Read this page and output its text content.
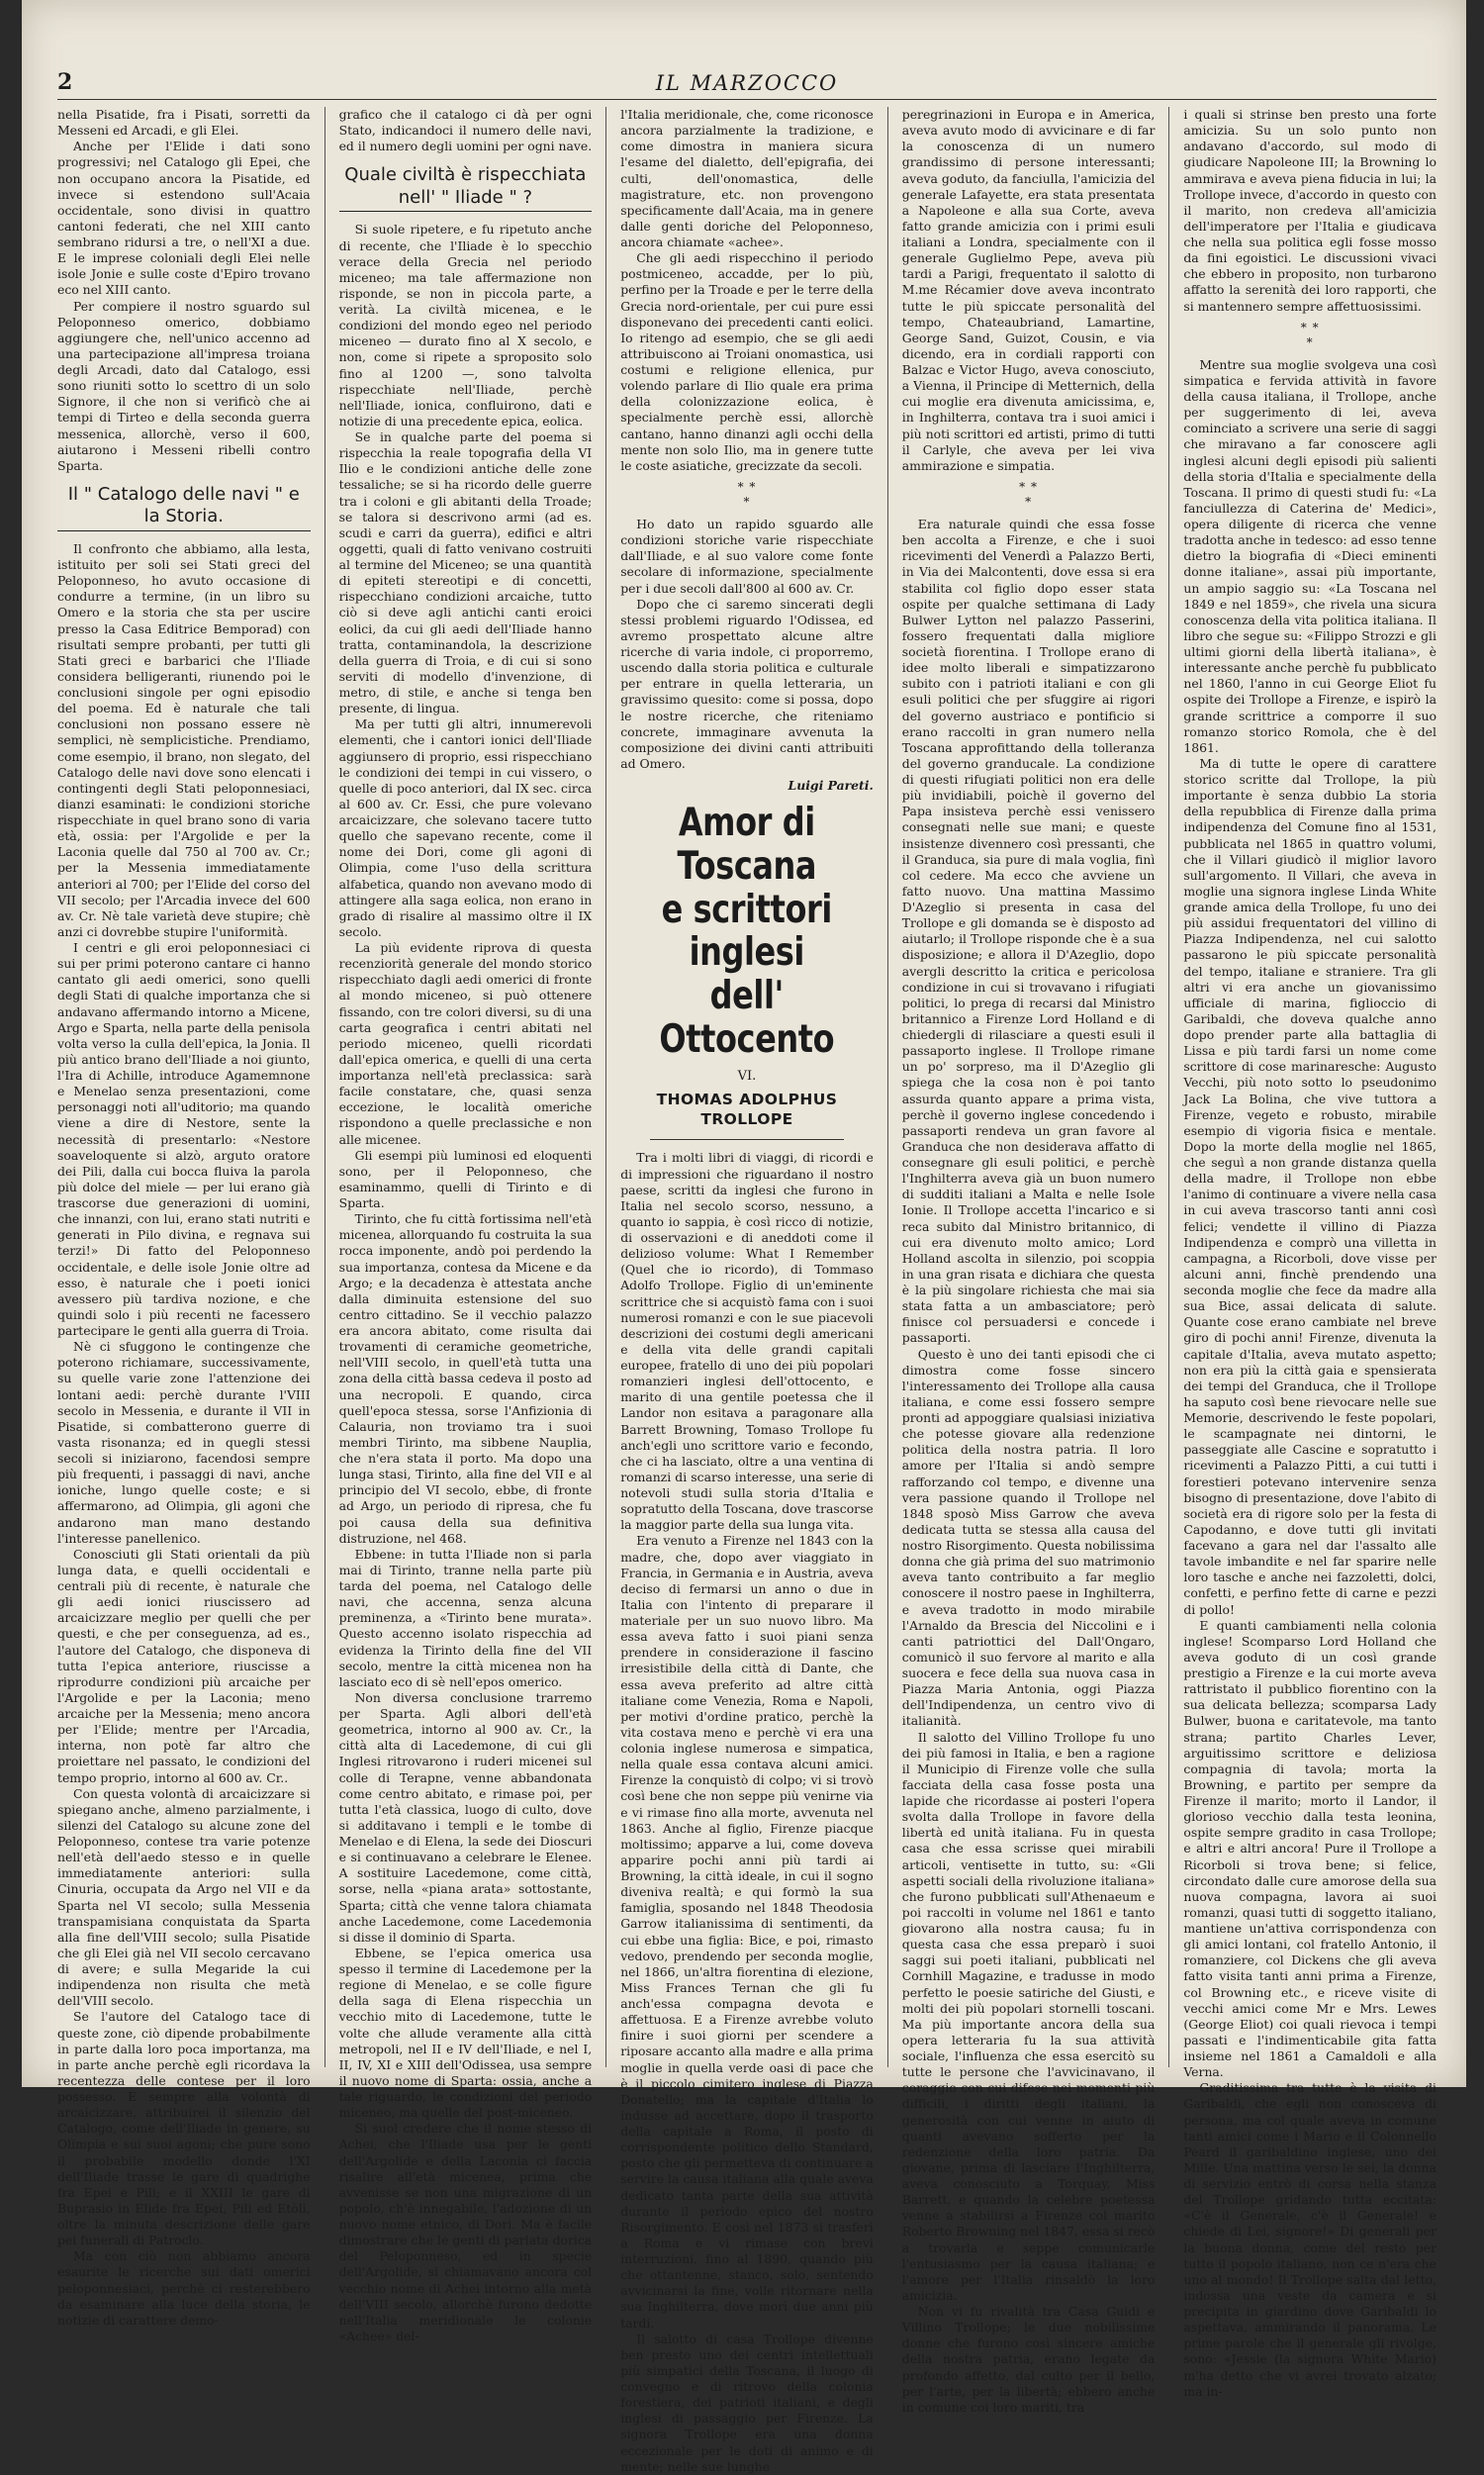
2	IL MARZOCCO

nella Pisatide, fra i Pisati, sorretti da Messeni ed Arcadi, e gli Elei.

Anche per l'Elide i dati sono progressivi; nel Catalogo gli Epei, che non occupano ancora la Pisatide, ed invece si estendono sull'Acaia occidentale, sono divisi in quattro cantoni federati, che nel XIII canto sembrano ridursi a tre, o nell'XI a due. E le imprese coloniali degli Elei nelle isole Jonie e sulle coste d'Epiro trovano eco nel XIII canto.

Per compiere il nostro sguardo sul Peloponneso omerico, dobbiamo aggiungere che, nell'unico accenno ad una partecipazione all'impresa troiana degli Arcadi, dato dal Catalogo, essi sono riuniti sotto lo scettro di un solo Signore, il che non si verificò che ai tempi di Tirteo e della seconda guerra messenica, allorchè, verso il 600, aiutarono i Messeni ribelli contro Sparta.

Il " Catalogo delle navi " e la Storia.

Il confronto che abbiamo, alla lesta, istituito per soli sei Stati greci del Peloponneso, ho avuto occasione di condurre a termine, (in un libro su Omero e la storia che sta per uscire presso la Casa Editrice Bemporad) con risultati sempre probanti, per tutti gli Stati greci e barbarici che l'Iliade considera belligeranti, riunendo poi le conclusioni singole per ogni episodio del poema. Ed è naturale che tali conclusioni non possano essere nè semplici, nè semplicistiche. Prendiamo, come esempio, il brano, non slegato, del Catalogo delle navi dove sono elencati i contingenti degli Stati peloponnesiaci, dianzi esaminati: le condizioni storiche rispecchiate in quel brano sono di varia età, ossia: per l'Argolide e per la Laconia quelle dal 750 al 700 av. Cr.; per la Messenia immediatamente anteriori al 700; per l'Elide del corso del VII secolo; per l'Arcadia invece del 600 av. Cr. Nè tale varietà deve stupire; chè anzi ci dovrebbe stupire l'uniformità.

I centri e gli eroi peloponnesiaci ci sui per primi poterono cantare ci hanno cantato gli aedi omerici, sono quelli degli Stati di qualche importanza che si andavano affermando intorno a Micene, Argo e Sparta, nella parte della penisola volta verso la culla dell'epica, la Jonia. Il più antico brano dell'Iliade a noi giunto, l'Ira di Achille, introduce Agamemnone e Menelao senza presentazioni, come personaggi noti all'uditorio; ma quando viene a dire di Nestore, sente la necessità di presentarlo: «Nestore soaveloquente si alzò, arguto oratore dei Pili, dalla cui bocca fluiva la parola più dolce del miele — per lui erano già trascorse due generazioni di uomini, che innanzi, con lui, erano stati nutriti e generati in Pilo divina, e regnava sui terzi!» Di fatto del Peloponneso occidentale, e delle isole Jonie oltre ad esso, è naturale che i poeti ionici avessero più tardiva nozione, e che quindi solo i più recenti ne facessero partecipare le genti alla guerra di Troia.

Nè ci sfuggono le contingenze che poterono richiamare, successivamente, su quelle varie zone l'attenzione dei lontani aedi: perchè durante l'VIII secolo in Messenia, e durante il VII in Pisatide, si combatterono guerre di vasta risonanza; ed in quegli stessi secoli si iniziarono, facendosi sempre più frequenti, i passaggi di navi, anche ioniche, lungo quelle coste; e si affermarono, ad Olimpia, gli agoni che andarono man mano destando l'interesse panellenico.

Conosciuti gli Stati orientali da più lunga data, e quelli occidentali e centrali più di recente, è naturale che gli aedi ionici riuscissero ad arcaicizzare meglio per quelli che per questi, e che per conseguenza, ad es., l'autore del Catalogo, che disponeva di tutta l'epica anteriore, riuscisse a riprodurre condizioni più arcaiche per l'Argolide e per la Laconia; meno arcaiche per la Messenia; meno ancora per l'Elide; mentre per l'Arcadia, interna, non potè far altro che proiettare nel passato, le condizioni del tempo proprio, intorno al 600 av. Cr..

Con questa volontà di arcaicizzare si spiegano anche, almeno parzialmente, i silenzi del Catalogo su alcune zone del Peloponneso, contese tra varie potenze nell'età dell'aedo stesso e in quelle immediatamente anteriori: sulla Cinuria, occupata da Argo nel VII e da Sparta nel VI secolo; sulla Messenia transpamisiana conquistata da Sparta alla fine dell'VIII secolo; sulla Pisatide che gli Elei già nel VII secolo cercavano di avere; e sulla Megaride la cui indipendenza non risulta che metà dell'VIII secolo.

Se l'autore del Catalogo tace di queste zone, ciò dipende probabilmente in parte dalla loro poca importanza, ma in parte anche perchè egli ricordava la recentezza delle contese per il loro possesso. E sempre alla volontà di arcaicizzare, attribuirei il silenzio del Catalogo, come dell'Iliade in genere, su Olimpia e sui suoi agoni; che pure sono il probabile modello donde l'XI dell'Iliade trasse le gare di quadrighe fra Epei e Pili; e il XXIII le gare di Buprasio in Elide fra Epei, Pili ed Etòli, oltre la minuta descrizione delle gare pei funerali di Patroclo.

Ma con ciò non abbiamo ancora esaurite le ricerche sui dati omerici peloponnesiaci, perchè ci resterebbero da esaminare alla luce della storia, le notizie di carattere demo-

grafico che il catalogo ci dà per ogni Stato, indicandoci il numero delle navi, ed il numero degli uomini per ogni nave.

Quale civiltà è rispecchiata nell' " Iliade " ?

Si suole ripetere, e fu ripetuto anche di recente, che l'Iliade è lo specchio verace della Grecia nel periodo miceneo; ma tale affermazione non risponde, se non in piccola parte, a verità. La civiltà micenea, e le condizioni del mondo egeo nel periodo miceneo — durato fino al X secolo, e non, come si ripete a sproposito solo fino al 1200 —, sono talvolta rispecchiate nell'Iliade, perchè nell'Iliade, ionica, confluirono, dati e notizie di una precedente epica, eolica.

Se in qualche parte del poema si rispecchia la reale topografia della VI Ilio e le condizioni antiche delle zone tessaliche; se si ha ricordo delle guerre tra i coloni e gli abitanti della Troade; se talora si descrivono armi (ad es. scudi e carri da guerra), edifici e altri oggetti, quali di fatto venivano costruiti al termine del Miceneo; se una quantità di epiteti stereotipi e di concetti, rispecchiano condizioni arcaiche, tutto ciò si deve agli antichi canti eroici eolici, da cui gli aedi dell'Iliade hanno tratta, contaminandola, la descrizione della guerra di Troia, e di cui si sono serviti di modello d'invenzione, di metro, di stile, e anche si tenga ben presente, di lingua.

Ma per tutti gli altri, innumerevoli elementi, che i cantori ionici dell'Iliade aggiunsero di proprio, essi rispecchiano le condizioni dei tempi in cui vissero, o quelle di poco anteriori, dal IX sec. circa al 600 av. Cr. Essi, che pure volevano arcaicizzare, che solevano tacere tutto quello che sapevano recente, come il nome dei Dori, come gli agoni di Olimpia, come l'uso della scrittura alfabetica, quando non avevano modo di attingere alla saga eolica, non erano in grado di risalire al massimo oltre il IX secolo.

La più evidente riprova di questa recenziorità generale del mondo storico rispecchiato dagli aedi omerici di fronte al mondo miceneo, si può ottenere fissando, con tre colori diversi, su di una carta geografica i centri abitati nel periodo miceneo, quelli ricordati dall'epica omerica, e quelli di una certa importanza nell'età preclassica: sarà facile constatare, che, quasi senza eccezione, le località omeriche rispondono a quelle preclassiche e non alle micenee.

Gli esempi più luminosi ed eloquenti sono, per il Peloponneso, che esaminammo, quelli di Tirinto e di Sparta.

Tirinto, che fu città fortissima nell'età micenea, allorquando fu costruita la sua rocca imponente, andò poi perdendo la sua importanza, contesa da Micene e da Argo; e la decadenza è attestata anche dalla diminuita estensione del suo centro cittadino. Se il vecchio palazzo era ancora abitato, come risulta dai trovamenti di ceramiche geometriche, nell'VIII secolo, in quell'età tutta una zona della città bassa cedeva il posto ad una necropoli. E quando, circa quell'epoca stessa, sorse l'Anfizionia di Calauria, non troviamo tra i suoi membri Tirinto, ma sibbene Nauplia, che n'era stata il porto. Ma dopo una lunga stasi, Tirinto, alla fine del VII e al principio del VI secolo, ebbe, di fronte ad Argo, un periodo di ripresa, che fu poi causa della sua definitiva distruzione, nel 468.

Ebbene: in tutta l'Iliade non si parla mai di Tirinto, tranne nella parte più tarda del poema, nel Catalogo delle navi, che accenna, senza alcuna preminenza, a «Tirinto bene murata». Questo accenno isolato rispecchia ad evidenza la Tirinto della fine del VII secolo, mentre la città micenea non ha lasciato eco di sè nell'epos omerico.

Non diversa conclusione trarremo per Sparta. Agli albori dell'età geometrica, intorno al 900 av. Cr., la città alta di Lacedemone, di cui gli Inglesi ritrovarono i ruderi micenei sul colle di Terapne, venne abbandonata come centro abitato, e rimase poi, per tutta l'età classica, luogo di culto, dove si additavano i templi e le tombe di Menelao e di Elena, la sede dei Dioscuri e si continuavano a celebrare le Elenee. A sostituire Lacedemone, come città, sorse, nella «piana arata» sottostante, Sparta; città che venne talora chiamata anche Lacedemone, come Lacedemonia si disse il dominio di Sparta.

Ebbene, se l'epica omerica usa spesso il termine di Lacedemone per la regione di Menelao, e se colle figure della saga di Elena rispecchia un vecchio mito di Lacedemone, tutte le volte che allude veramente alla città metropoli, nel II e IV dell'Iliade, e nel I, II, IV, XI e XIII dell'Odissea, usa sempre il nuovo nome di Sparta: ossia, anche a tale riguardo, le condizioni del periodo miceneo, ma quelle del post-miceneo.

Si suol credere che il nome stesso di Achei, che l'Iliade usa per le genti dell'Argolide e della Laconia ci faccia risalire all'età micenea, prima che avvenisse se non una migrazione di un popolo, ch'è innegabile, l'adozione di un nuovo nome etnico, di Dori. Ma è facile dimostrare che le genti di parlata dorica del Peloponneso, ed in specie dell'Argolide, si chiamavano ancora col vecchio nome di Achei intorno alla metà dell'VIII secolo, allorchè furono dedotte nell'Italia meridionale le colonie «Achee» del-

l'Italia meridionale, che, come riconosce ancora parzialmente la tradizione, e come dimostra in maniera sicura l'esame del dialetto, dell'epigrafia, dei culti, dell'onomastica, delle magistrature, etc. non provengono specificamente dall'Acaia, ma in genere dalle genti doriche del Peloponneso, ancora chiamate «achee».

Che gli aedi rispecchino il periodo postmiceneo, accadde, per lo più, perfino per la Troade e per le terre della Grecia nord-orientale, per cui pure essi disponevano dei precedenti canti eolici. Io ritengo ad esempio, che se gli aedi attribuiscono ai Troiani onomastica, usi costumi e religione ellenica, pur volendo parlare di Ilio quale era prima della colonizzazione eolica, è specialmente perchè essi, allorchè cantano, hanno dinanzi agli occhi della mente non solo Ilio, ma in genere tutte le coste asiatiche, grecizzate da secoli.

* *
*

Ho dato un rapido sguardo alle condizioni storiche varie rispecchiate dall'Iliade, e al suo valore come fonte secolare di informazione, specialmente per i due secoli dall'800 al 600 av. Cr.

Dopo che ci saremo sincerati degli stessi problemi riguardo l'Odissea, ed avremo prospettato alcune altre ricerche di varia indole, ci proporremo, uscendo dalla storia politica e culturale per entrare in quella letteraria, un gravissimo quesito: come si possa, dopo le nostre ricerche, che riteniamo concrete, immaginare avvenuta la composizione dei divini canti attribuiti ad Omero.

Luigi Pareti.
Amor di Toscana
e scrittori inglesi
dell' Ottocento
VI.
THOMAS ADOLPHUS TROLLOPE

Tra i molti libri di viaggi, di ricordi e di impressioni che riguardano il nostro paese, scritti da inglesi che furono in Italia nel secolo scorso, nessuno, a quanto io sappia, è così ricco di notizie, di osservazioni e di aneddoti come il delizioso volume: What I Remember (Quel che io ricordo), di Tommaso Adolfo Trollope. Figlio di un'eminente scrittrice che si acquistò fama con i suoi numerosi romanzi e con le sue piacevoli descrizioni dei costumi degli americani e della vita delle grandi capitali europee, fratello di uno dei più popolari romanzieri inglesi dell'ottocento, e marito di una gentile poetessa che il Landor non esitava a paragonare alla Barrett Browning, Tomaso Trollope fu anch'egli uno scrittore vario e fecondo, che ci ha lasciato, oltre a una ventina di romanzi di scarso interesse, una serie di notevoli studi sulla storia d'Italia e sopratutto della Toscana, dove trascorse la maggior parte della sua lunga vita.

Era venuto a Firenze nel 1843 con la madre, che, dopo aver viaggiato in Francia, in Germania e in Austria, aveva deciso di fermarsi un anno o due in Italia con l'intento di preparare il materiale per un suo nuovo libro. Ma essa aveva fatto i suoi piani senza prendere in considerazione il fascino irresistibile della città di Dante, che essa aveva preferito ad altre città italiane come Venezia, Roma e Napoli, per motivi d'ordine pratico, perchè la vita costava meno e perchè vi era una colonia inglese numerosa e simpatica, nella quale essa contava alcuni amici. Firenze la conquistò di colpo; vi si trovò così bene che non seppe più venirne via e vi rimase fino alla morte, avvenuta nel 1863. Anche al figlio, Firenze piacque moltissimo; apparve a lui, come doveva apparire pochi anni più tardi ai Browning, la città ideale, in cui il sogno diveniva realtà; e qui formò la sua famiglia, sposando nel 1848 Theodosia Garrow italianissima di sentimenti, da cui ebbe una figlia: Bice, e poi, rimasto vedovo, prendendo per seconda moglie, nel 1866, un'altra fiorentina di elezione, Miss Frances Ternan che gli fu anch'essa compagna devota e affettuosa. E a Firenze avrebbe voluto finire i suoi giorni per scendere a riposare accanto alla madre e alla prima moglie in quella verde oasi di pace che è il piccolo cimitero inglese di Piazza Donatello; ma la capitale d'Italia lo indusse ad accettare, dopo il trasporto della capitale a Roma, il posto di corrispondente politico dello Standard, posto che gli permetteva di continuare a servire la causa italiana alla quale aveva dedicato tanta parte della sua attività durante il periodo epico del nostro Risorgimento. E così nel 1873 si trasferì a Roma e vi rimase con brevi interruzioni, fino al 1890, quando più che ottantenne, stanco, solo, sentendo avvicinarsi la fine, volle ritornare nella sua Inghilterra, dove morì due anni più tardi.

Il salotto di casa Trollope divenne ben presto uno dei centri intellettuali più simpatici della Toscana, il luogo di convegno e di ritrovo della colonia forestiera, dei patrioti italiani, e degli inglesi di passaggio per Firenze. La signora Trollope era una donna eccezionale per le doti di animo e di mente; nelle sue lunghe

peregrinazioni in Europa e in America, aveva avuto modo di avvicinare e di far la conoscenza di un numero grandissimo di persone interessanti; aveva goduto, da fanciulla, l'amicizia del generale Lafayette, era stata presentata a Napoleone e alla sua Corte, aveva fatto grande amicizia con i primi esuli italiani a Londra, specialmente con il generale Guglielmo Pepe, aveva più tardi a Parigi, frequentato il salotto di M.me Récamier dove aveva incontrato tutte le più spiccate personalità del tempo, Chateaubriand, Lamartine, George Sand, Guizot, Cousin, e via dicendo, era in cordiali rapporti con Balzac e Victor Hugo, aveva conosciuto, a Vienna, il Principe di Metternich, della cui moglie era divenuta amicissima, e, in Inghilterra, contava tra i suoi amici i più noti scrittori ed artisti, primo di tutti il Carlyle, che aveva per lei viva ammirazione e simpatia.

* *
*

Era naturale quindi che essa fosse ben accolta a Firenze, e che i suoi ricevimenti del Venerdì a Palazzo Berti, in Via dei Malcontenti, dove essa si era stabilita col figlio dopo esser stata ospite per qualche settimana di Lady Bulwer Lytton nel palazzo Passerini, fossero frequentati dalla migliore società fiorentina. I Trollope erano di idee molto liberali e simpatizzarono subito con i patrioti italiani e con gli esuli politici che per sfuggire ai rigori del governo austriaco e pontificio si erano raccolti in gran numero nella Toscana approfittando della tolleranza del governo granducale. La condizione di questi rifugiati politici non era delle più invidiabili, poichè il governo del Papa insisteva perchè essi venissero consegnati nelle sue mani; e queste insistenze divennero così pressanti, che il Granduca, sia pure di mala voglia, finì col cedere. Ma ecco che avviene un fatto nuovo. Una mattina Massimo D'Azeglio si presenta in casa del Trollope e gli domanda se è disposto ad aiutarlo; il Trollope risponde che è a sua disposizione; e allora il D'Azeglio, dopo avergli descritto la critica e pericolosa condizione in cui si trovavano i rifugiati politici, lo prega di recarsi dal Ministro britannico a Firenze Lord Holland e di chiedergli di rilasciare a questi esuli il passaporto inglese. Il Trollope rimane un po' sorpreso, ma il D'Azeglio gli spiega che la cosa non è poi tanto assurda quanto appare a prima vista, perchè il governo inglese concedendo i passaporti rendeva un gran favore al Granduca che non desiderava affatto di consegnare gli esuli politici, e perchè l'Inghilterra aveva già un buon numero di sudditi italiani a Malta e nelle Isole Ionie. Il Trollope accetta l'incarico e si reca subito dal Ministro britannico, di cui era divenuto molto amico; Lord Holland ascolta in silenzio, poi scoppia in una gran risata e dichiara che questa è la più singolare richiesta che mai sia stata fatta a un ambasciatore; però finisce col persuadersi e concede i passaporti.

Questo è uno dei tanti episodi che ci dimostra come fosse sincero l'interessamento dei Trollope alla causa italiana, e come essi fossero sempre pronti ad appoggiare qualsiasi iniziativa che potesse giovare alla redenzione politica della nostra patria. Il loro amore per l'Italia si andò sempre rafforzando col tempo, e divenne una vera passione quando il Trollope nel 1848 sposò Miss Garrow che aveva dedicata tutta se stessa alla causa del nostro Risorgimento. Questa nobilissima donna che già prima del suo matrimonio aveva tanto contribuito a far meglio conoscere il nostro paese in Inghilterra, e aveva tradotto in modo mirabile l'Arnaldo da Brescia del Niccolini e i canti patriottici del Dall'Ongaro, comunicò il suo fervore al marito e alla suocera e fece della sua nuova casa in Piazza Maria Antonia, oggi Piazza dell'Indipendenza, un centro vivo di italianità.

Il salotto del Villino Trollope fu uno dei più famosi in Italia, e ben a ragione il Municipio di Firenze volle che sulla facciata della casa fosse posta una lapide che ricordasse ai posteri l'opera svolta dalla Trollope in favore della libertà ed unità italiana. Fu in questa casa che essa scrisse quei mirabili articoli, ventisette in tutto, su: «Gli aspetti sociali della rivoluzione italiana» che furono pubblicati sull'Athenaeum e poi raccolti in volume nel 1861 e tanto giovarono alla nostra causa; fu in questa casa che essa preparò i suoi saggi sui poeti italiani, pubblicati nel Cornhill Magazine, e tradusse in modo perfetto le poesie satiriche del Giusti, e molti dei più popolari stornelli toscani. Ma più importante ancora della sua opera letteraria fu la sua attività sociale, l'influenza che essa esercitò su tutte le persone che l'avvicinavano, il coraggio con cui difese nei momenti più difficili, i diritti degli italiani, la generosità con cui venne in aiuto di quanti avevano sofferto per la redenzione della loro patria. Da giovane, prima di lasciare l'Inghilterra, aveva conosciuto a Torquay, Miss Barrett, e quando la celebre poetessa venne a stabilirsi a Firenze col marito Roberto Browning nel 1847, essa si recò a trovarla e seppe comunicarle l'entusiasmo per la causa italiana; e l'amore per l'Italia rinsaldò la loro amicizia.

Non vi fu rivalità tra Casa Guidi e Villino Trollope; le due nobilissime donne che furono così sincere amiche della nostra patria, erano legate da profondo affetto, dal culto per il bello, per l'arte, per la libertà; ebbero anche in comune coi loro mariti, tra

i quali si strinse ben presto una forte amicizia. Su un solo punto non andavano d'accordo, sul modo di giudicare Napoleone III; la Browning lo ammirava e aveva piena fiducia in lui; la Trollope invece, d'accordo in questo con il marito, non credeva all'amicizia dell'imperatore per l'Italia e giudicava che nella sua politica egli fosse mosso da fini egoistici. Le discussioni vivaci che ebbero in proposito, non turbarono affatto la serenità dei loro rapporti, che si mantennero sempre affettuosissimi.

* *
*

Mentre sua moglie svolgeva una così simpatica e fervida attività in favore della causa italiana, il Trollope, anche per suggerimento di lei, aveva cominciato a scrivere una serie di saggi che miravano a far conoscere agli inglesi alcuni degli episodi più salienti della storia d'Italia e specialmente della Toscana. Il primo di questi studi fu: «La fanciullezza di Caterina de' Medici», opera diligente di ricerca che venne tradotta anche in tedesco: ad esso tenne dietro la biografia di «Dieci eminenti donne italiane», assai più importante, un ampio saggio su: «La Toscana nel 1849 e nel 1859», che rivela una sicura conoscenza della vita politica italiana. Il libro che segue su: «Filippo Strozzi e gli ultimi giorni della libertà italiana», è interessante anche perchè fu pubblicato nel 1860, l'anno in cui George Eliot fu ospite dei Trollope a Firenze, e ispirò la grande scrittrice a comporre il suo romanzo storico Romola, che è del 1861.

Ma di tutte le opere di carattere storico scritte dal Trollope, la più importante è senza dubbio La storia della repubblica di Firenze dalla prima indipendenza del Comune fino al 1531, pubblicata nel 1865 in quattro volumi, che il Villari giudicò il miglior lavoro sull'argomento. Il Villari, che aveva in moglie una signora inglese Linda White grande amica della Trollope, fu uno dei più assidui frequentatori del villino di Piazza Indipendenza, nel cui salotto passarono le più spiccate personalità del tempo, italiane e straniere. Tra gli altri vi era anche un giovanissimo ufficiale di marina, figlioccio di Garibaldi, che doveva qualche anno dopo prender parte alla battaglia di Lissa e più tardi farsi un nome come scrittore di cose marinaresche: Augusto Vecchi, più noto sotto lo pseudonimo Jack La Bolina, che vive tuttora a Firenze, vegeto e robusto, mirabile esempio di vigoria fisica e mentale. Dopo la morte della moglie nel 1865, che seguì a non grande distanza quella della madre, il Trollope non ebbe l'animo di continuare a vivere nella casa in cui aveva trascorso tanti anni così felici; vendette il villino di Piazza Indipendenza e comprò una villetta in campagna, a Ricorboli, dove visse per alcuni anni, finchè prendendo una seconda moglie che fece da madre alla sua Bice, assai delicata di salute. Quante cose erano cambiate nel breve giro di pochi anni! Firenze, divenuta la capitale d'Italia, aveva mutato aspetto; non era più la città gaia e spensierata dei tempi del Granduca, che il Trollope ha saputo così bene rievocare nelle sue Memorie, descrivendo le feste popolari, le scampagnate nei dintorni, le passeggiate alle Cascine e sopratutto i ricevimenti a Palazzo Pitti, a cui tutti i forestieri potevano intervenire senza bisogno di presentazione, dove l'abito di società era di rigore solo per la festa di Capodanno, e dove tutti gli invitati facevano a gara nel dar l'assalto alle tavole imbandite e nel far sparire nelle loro tasche e anche nei fazzoletti, dolci, confetti, e perfino fette di carne e pezzi di pollo!

E quanti cambiamenti nella colonia inglese! Scomparso Lord Holland che aveva goduto di un così grande prestigio a Firenze e la cui morte aveva rattristato il pubblico fiorentino con la sua delicata bellezza; scomparsa Lady Bulwer, buona e caritatevole, ma tanto strana; partito Charles Lever, arguitissimo scrittore e deliziosa compagnia di tavola; morta la Browning, e partito per sempre da Firenze il marito; morto il Landor, il glorioso vecchio dalla testa leonina, ospite sempre gradito in casa Trollope; e altri e altri ancora! Pure il Trollope a Ricorboli si trova bene; si felice, circondato dalle cure amorose della sua nuova compagna, lavora ai suoi romanzi, quasi tutti di soggetto italiano, mantiene un'attiva corrispondenza con gli amici lontani, col fratello Antonio, il romanziere, col Dickens che gli aveva fatto visita tanti anni prima a Firenze, col Browning etc., e riceve visite di vecchi amici come Mr e Mrs. Lewes (George Eliot) coi quali rievoca i tempi passati e l'indimenticabile gita fatta insieme nel 1861 a Camaldoli e alla Verna.

Graditissima tra tutte è la visita di Garibaldi, che egli non conosceva di persona, ma col quale aveva in comune tanti amici come i Mario e il Colonnello Peard il garibaldino inglese, uno dei Mille. Una mattina verso le sei, la donna di servizio entrò di corsa nella stanza del Trollope gridando tutta eccitata: «C'è il Generale, c'è il Generale! e chiede di Lei, signore!» Di generali per la buona donna, come del resto per tutto il popolo italiano, non ce n'era che uno al mondo! Il Trollope salta dal letto, indossa una veste da camera e si precipita in giardino dove Garibaldi lo aspettava, ammirando il panorama. Le prime parole che il generale gli rivolge, sono: «Jessie (la signora White Mario) m'ha detto che vi avrei trovato alzato; ma in-
